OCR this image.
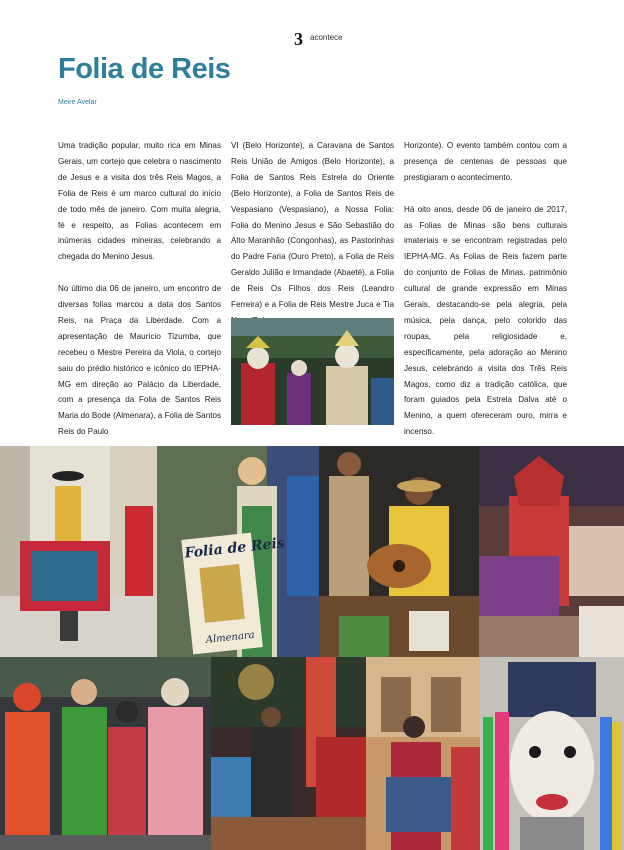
3 acontece
Folia de Reis
Meire Avelar

Uma tradição popular, muito rica em Minas Gerais, um cortejo que celebra o nascimento de Jesus e a visita dos três Reis Magos, a Folia de Reis é um marco cultural do início de todo mês de janeiro. Com muita alegria, fé e respeito, as Folias acontecem em inúmeras cidades mineiras, celebrando a chegada do Menino Jesus.

No último dia 06 de janeiro, um encontro de diversas folias marcou a data dos Santos Reis, na Praça da Liberdade. Com a apresentação de Maurício Tizumba, que recebeu o Mestre Pereira da Viola, o cortejo saiu do prédio histórico e icônico do IEPHA-MG em direção ao Palácio da Liberdade, com a presença da Folia de Santos Reis Maria do Bode (Almenara), a Folia de Santos Reis do Paulo

VI (Belo Horizonte), a Caravana de Santos Reis União de Amigos (Belo Horizonte), a Folia de Santos Reis Estrela do Oriente (Belo Horizonte), a Folia de Santos Reis de Vespasiano (Vespasiano), a Nossa Folia: Folia do Menino Jesus e São Sebastião do Alto Maranhão (Congonhas), as Pastorinhas do Padre Faria (Ouro Preto), a Folia de Reis Geraldo Julião e Irmandade (Abaeté), a Folia de Reis Os Filhos dos Reis (Leandro Ferreira) e a Folia de Reis Mestre Juca e Tia

Horizonte). O evento também contou com a presença de centenas de pessoas que prestigiaram o acontecimento.

Há oito anos, desde 06 de janeiro de 2017, as Folias de Minas são bens culturais imateriais e se encontram registradas pelo IEPHA-MG. As Folias de Reis fazem parte do conjunto de Folias de Minas, patrimônio cultural de grande expressão em Minas Gerais, destacando-se pela alegria, pela música, pela dança, pelo colorido das roupas, pela religiosidade e, especificamente, pela adoração ao Menino Jesus, celebrando a visita dos Três Reis Magos, como diz a tradição católica, que foram guiados pela Estrela Dalva até o Menino, a quem ofereceram ouro, mirra e incenso.

Folia de Reis
Almenara
